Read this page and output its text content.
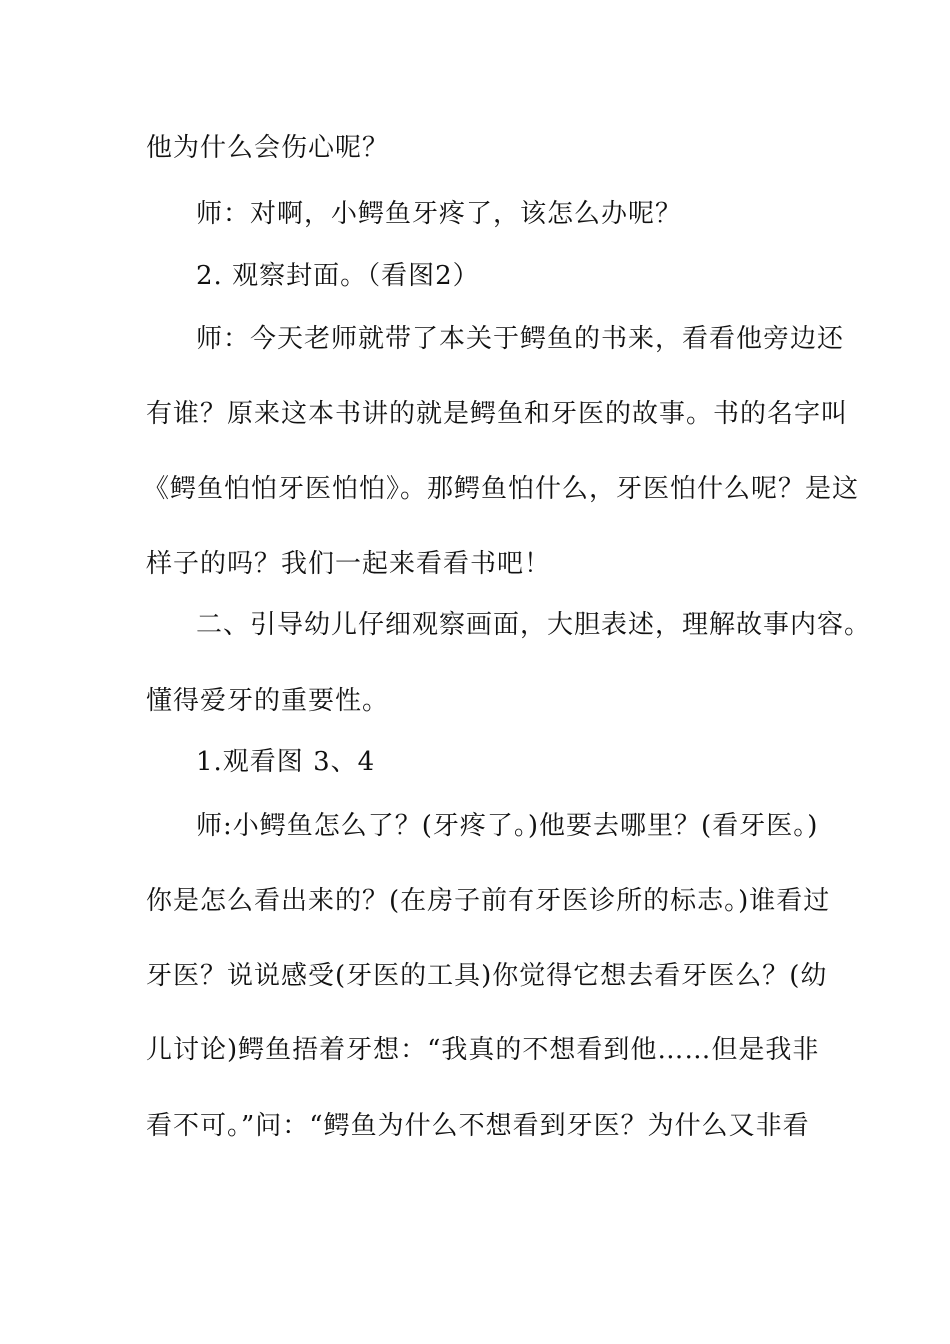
他为什么会伤心呢？
师：对啊，小鳄鱼牙疼了，该怎么办呢？
2. 观察封面。（看图2）
师：今天老师就带了本关于鳄鱼的书来，看看他旁边还
有谁？原来这本书讲的就是鳄鱼和牙医的故事。书的名字叫
《鳄鱼怕怕牙医怕怕》。那鳄鱼怕什么，牙医怕什么呢？是这
样子的吗？我们一起来看看书吧！
二、引导幼儿仔细观察画面，大胆表述，理解故事内容。
懂得爱牙的重要性。
1.观看图 3、4
师:小鳄鱼怎么了？(牙疼了。)他要去哪里？(看牙医。)
你是怎么看出来的？(在房子前有牙医诊所的标志。)谁看过
牙医？说说感受(牙医的工具)你觉得它想去看牙医么？(幼
儿讨论)鳄鱼捂着牙想：“我真的不想看到他……但是我非
看不可。”问：“鳄鱼为什么不想看到牙医？为什么又非看
